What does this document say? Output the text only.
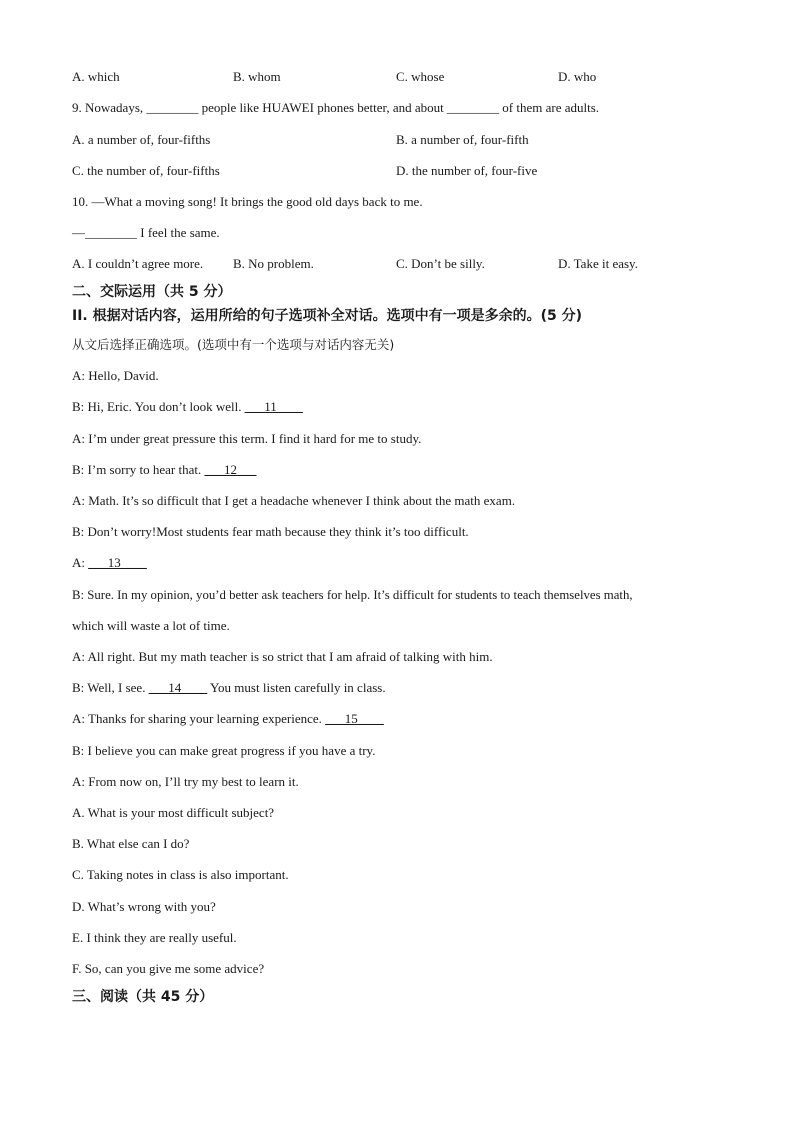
A. which	B. whom	C. whose	D. who
9. Nowadays, ________ people like HUAWEI phones better, and about ________ of them are adults.
A. a number of, four-fifths	B. a number of, four-fifth
C. the number of, four-fifths	D. the number of, four-five
10. —What a moving song! It brings the good old days back to me.
—________ I feel the same.
A. I couldn’t agree more. B. No problem.	C. Don’t be silly.	D. Take it easy.
二、交际运用（共 5 分）
II. 根据对话内容，运用所给的句子选项补全对话。选项中有一项是多余的。(5 分)
从文后选择正确选项。(选项中有一个选项与对话内容无关)
A: Hello, David.
B: Hi, Eric. You don’t look well. ___11____
A: I’m under great pressure this term. I find it hard for me to study.
B: I’m sorry to hear that. ___12___
A: Math. It’s so difficult that I get a headache whenever I think about the math exam.
B: Don’t worry!Most students fear math because they think it’s too difficult.
A: ___13____
B: Sure. In my opinion, you’d better ask teachers for help. It’s difficult for students to teach themselves math,
which will waste a lot of time.
A: All right. But my math teacher is so strict that I am afraid of talking with him.
B: Well, I see. ___14____ You must listen carefully in class.
A: Thanks for sharing your learning experience. ___15____
B: I believe you can make great progress if you have a try.
A: From now on, I’ll try my best to learn it.
A. What is your most difficult subject?
B. What else can I do?
C. Taking notes in class is also important.
D. What’s wrong with you?
E. I think they are really useful.
F. So, can you give me some advice?
三、阅读（共 45 分）
